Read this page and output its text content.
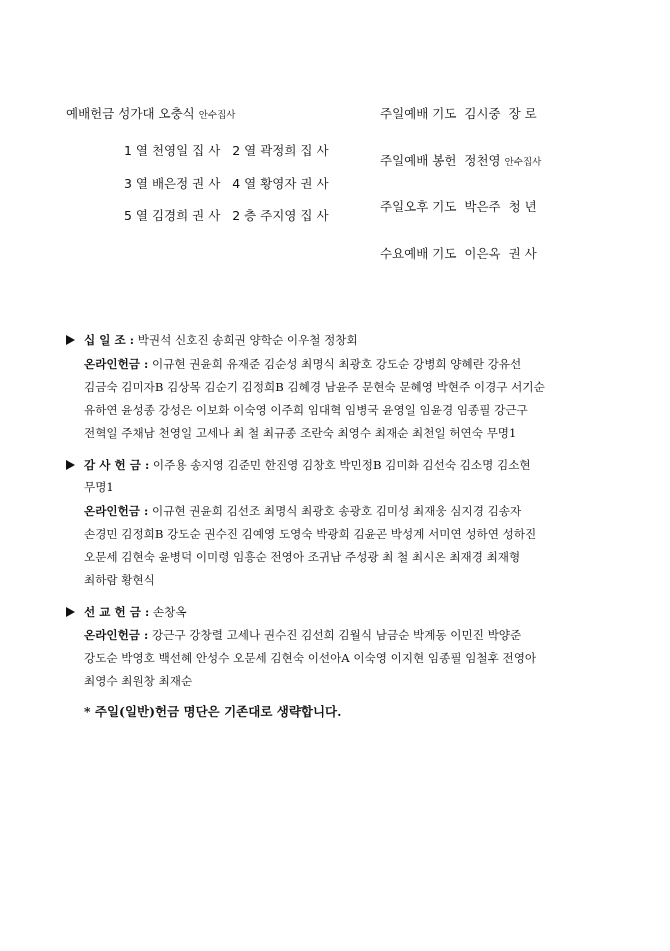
예배헌금 성가대 오충식 안수집사
1 열 천영일 집 사   2 열 곽정희 집 사
3 열 배은정 권 사   4 열 황영자 권 사
5 열 김경희 권 사   2 층 주지영 집 사
주일예배 기도 김시중 장 로
주일예배 봉헌 정천영 안수집사
주일오후 기도 박은주 청 년
수요예배 기도 이은옥 권 사
십 일 조 : 박권석 신호진 송희권 양학순 이우철 정창회
온라인헌금 : 이규현 권윤희 유재준 김순성 최명식 최광호 강도순 강병희 양혜란 강유선
김금숙 김미자B 김상목 김순기 김정희B 김혜경 남윤주 문현숙 문혜영 박현주 이경구 서기순
유하연 윤성종 강성은 이보화 이숙영 이주희 임대혁 임병국 윤영일 임윤경 임종필 강근구
전혁일 주채남 천영일 고세나 최 철 최규종 조란숙 최영수 최재순 최천일 허연숙 무명1
감 사 헌 금 : 이주용 송지영 김준민 한진영 김창호 박민정B 김미화 김선숙 김소명 김소현
무명1
온라인헌금 : 이규현 권윤희 김선조 최명식 최광호 송광호 김미성 최재웅 심지경 김송자
손경민 김정희B 강도순 권수진 김예영 도영숙 박광희 김윤곤 박성계 서미연 성하연 성하진
오문세 김현숙 윤병덕 이미령 임흥순 전영아 조귀남 주성광 최 철 최시온 최재경 최재형
최하람 황현식
선 교 헌 금 : 손창옥
온라인헌금 : 강근구 강창렬 고세나 권수진 김선희 김월식 남금순 박계동 이민진 박양준
강도순 박영호 백선혜 안성수 오문세 김현숙 이선아A 이숙영 이지현 임종필 임철후 전영아
최영수 최원창 최재순
* 주일(일반)헌금 명단은 기존대로 생략합니다.
